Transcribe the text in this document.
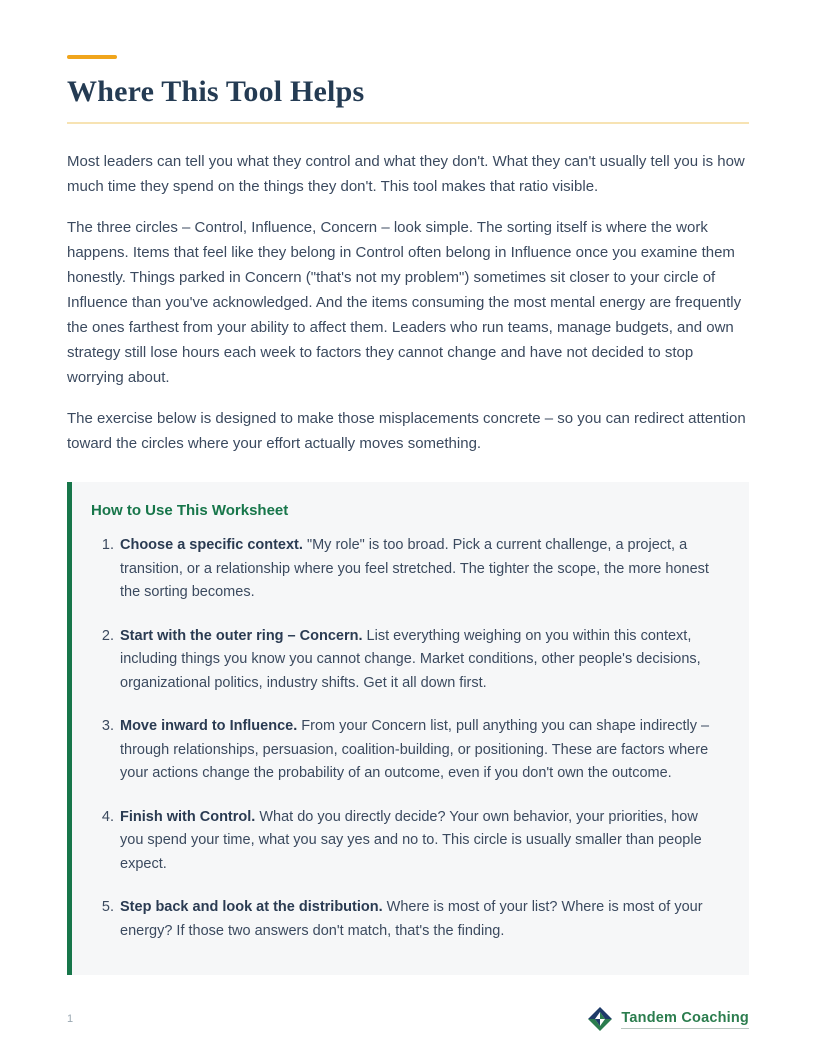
Where This Tool Helps

Most leaders can tell you what they control and what they don't. What they can't usually tell you is how much time they spend on the things they don't. This tool makes that ratio visible.

The three circles – Control, Influence, Concern – look simple. The sorting itself is where the work happens. Items that feel like they belong in Control often belong in Influence once you examine them honestly. Things parked in Concern ("that's not my problem") sometimes sit closer to your circle of Influence than you've acknowledged. And the items consuming the most mental energy are frequently the ones farthest from your ability to affect them. Leaders who run teams, manage budgets, and own strategy still lose hours each week to factors they cannot change and have not decided to stop worrying about.

The exercise below is designed to make those misplacements concrete – so you can redirect attention toward the circles where your effort actually moves something.

How to Use This Worksheet

1. Choose a specific context. "My role" is too broad. Pick a current challenge, a project, a transition, or a relationship where you feel stretched. The tighter the scope, the more honest the sorting becomes.
2. Start with the outer ring – Concern. List everything weighing on you within this context, including things you know you cannot change. Market conditions, other people's decisions, organizational politics, industry shifts. Get it all down first.
3. Move inward to Influence. From your Concern list, pull anything you can shape indirectly – through relationships, persuasion, coalition-building, or positioning. These are factors where your actions change the probability of an outcome, even if you don't own the outcome.
4. Finish with Control. What do you directly decide? Your own behavior, your priorities, how you spend your time, what you say yes and no to. This circle is usually smaller than people expect.
5. Step back and look at the distribution. Where is most of your list? Where is most of your energy? If those two answers don't match, that's the finding.
1	Tandem Coaching
